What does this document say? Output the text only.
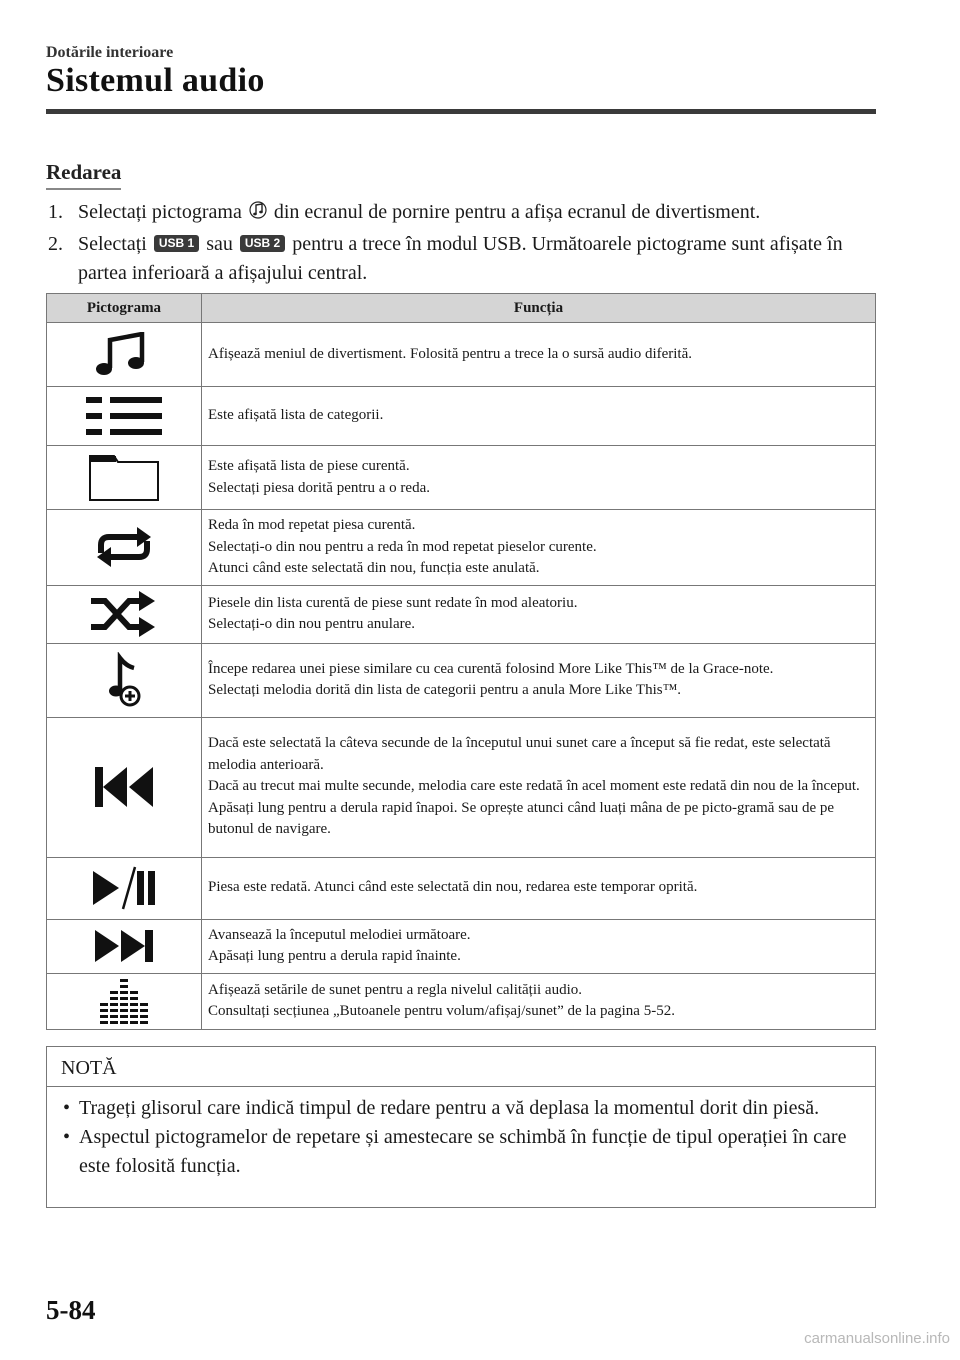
Dotările interioare
Sistemul audio
Redarea
1. Selectați pictograma din ecranul de pornire pentru a afișa ecranul de divertisment.
2. Selectați USB 1 sau USB 2 pentru a trece în modul USB. Următoarele pictograme sunt afișate în partea inferioară a afișajului central.
Pictograma	Funcția

Afișează meniul de divertisment. Folosită pentru a trece la o sursă audio diferită.

Este afișată lista de categorii.

Este afișată lista de piese curentă.
Selectați piesa dorită pentru a o reda.

Reda în mod repetat piesa curentă.
Selectați-o din nou pentru a reda în mod repetat pieselor curente.
Atunci când este selectată din nou, funcția este anulată.

Piesele din lista curentă de piese sunt redate în mod aleatoriu.
Selectați-o din nou pentru anulare.

Începe redarea unei piese similare cu cea curentă folosind More Like This™ de la Grace-note.
Selectați melodia dorită din lista de categorii pentru a anula More Like This™.

Dacă este selectată la câteva secunde de la începutul unui sunet care a început să fie redat, este selectată melodia anterioară.
Dacă au trecut mai multe secunde, melodia care este redată în acel moment este redată din nou de la început.
Apăsați lung pentru a derula rapid înapoi. Se oprește atunci când luați mâna de pe picto-gramă sau de pe butonul de navigare.

Piesa este redată. Atunci când este selectată din nou, redarea este temporar oprită.

Avansează la începutul melodiei următoare.
Apăsați lung pentru a derula rapid înainte.

Afișează setările de sunet pentru a regla nivelul calității audio.
Consultați secțiunea „Butoanele pentru volum/afișaj/sunet” de la pagina 5-52.
NOTĂ
• Trageți glisorul care indică timpul de redare pentru a vă deplasa la momentul dorit din piesă.
• Aspectul pictogramelor de repetare și amestecare se schimbă în funcție de tipul operației în care este folosită funcția.
5-84
carmanualsonline.info
